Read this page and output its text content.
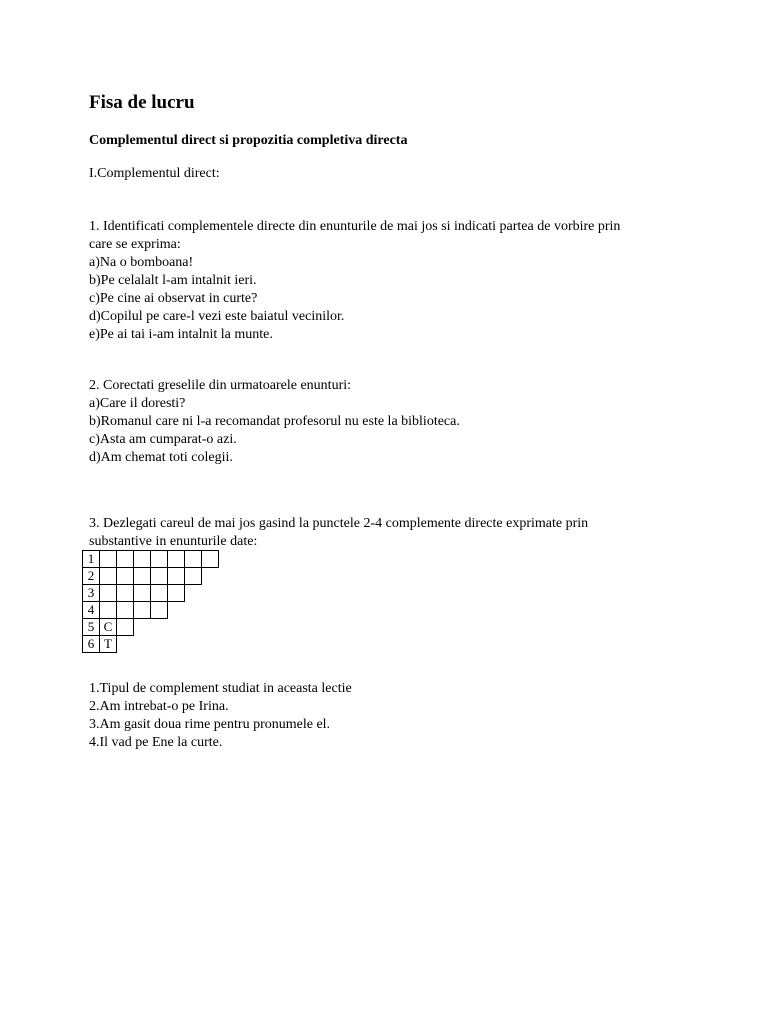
Fisa de lucru
Complementul direct si propozitia completiva directa

I.Complementul direct:

1. Identificati complementele directe din enunturile de mai jos si indicati partea de vorbire prin
care se exprima:
a)Na o bomboana!
b)Pe celalalt l-am intalnit ieri.
c)Pe cine ai observat in curte?
d)Copilul pe care-l vezi este baiatul vecinilor.
e)Pe ai tai i-am intalnit la munte.
2. Corectati greselile din urmatoarele enunturi:
a)Care il doresti?
b)Romanul care ni l-a recomandat profesorul nu este la biblioteca.
c)Asta am cumparat-o azi.
d)Am chemat toti colegii.
3. Dezlegati careul de mai jos gasind la punctele 2-4 complemente directe exprimate prin
substantive in enunturile date:
1
2
3
4
5 C
6 T
1.Tipul de complement studiat in aceasta lectie
2.Am intrebat-o pe Irina.
3.Am gasit doua rime pentru pronumele el.
4.Il vad pe Ene la curte.
